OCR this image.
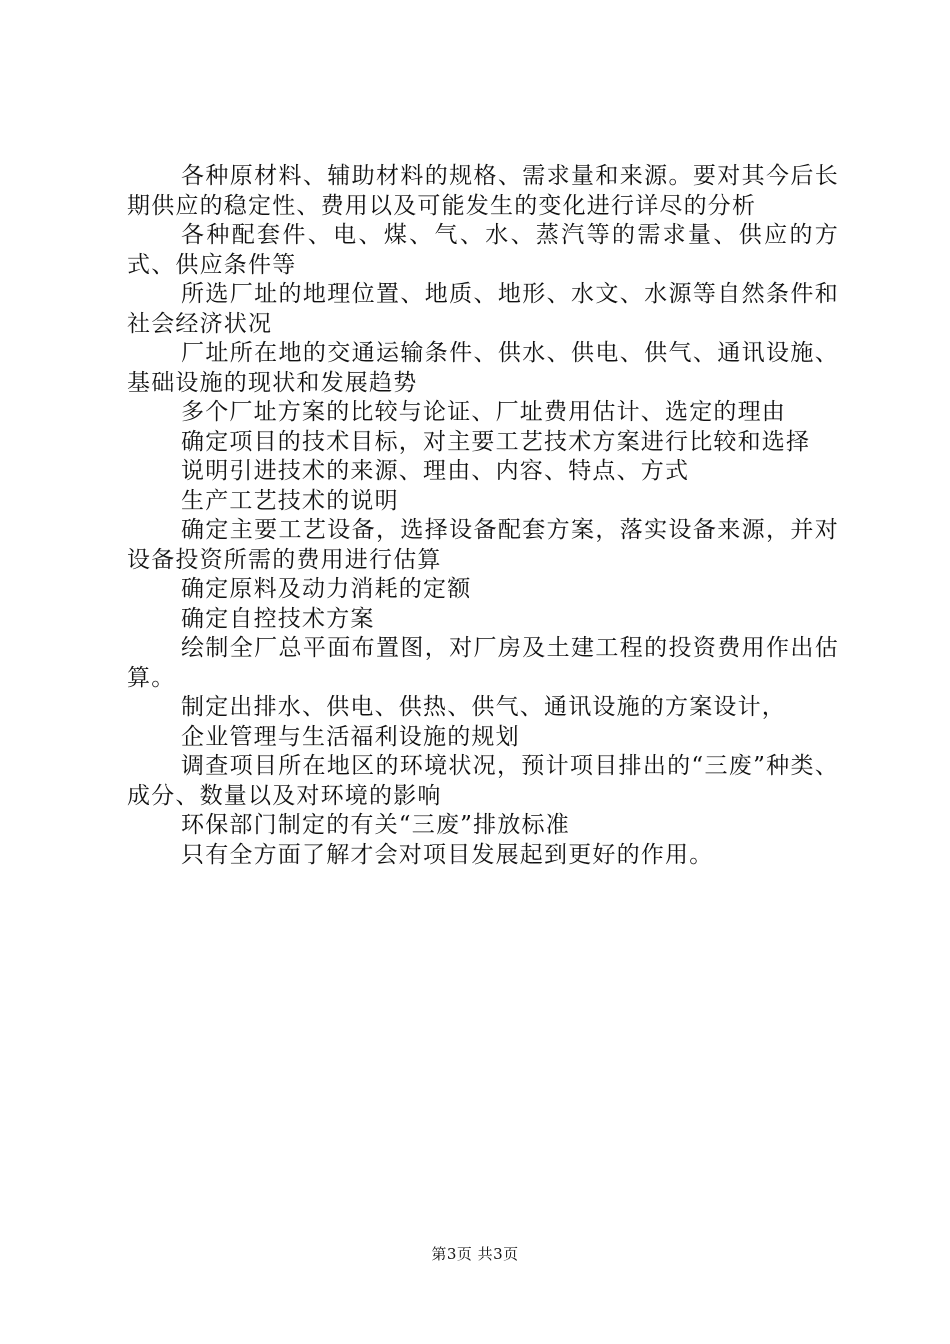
各种原材料、辅助材料的规格、需求量和来源。要对其今后长期供应的稳定性、费用以及可能发生的变化进行详尽的分析

各种配套件、电、煤、气、水、蒸汽等的需求量、供应的方式、供应条件等

所选厂址的地理位置、地质、地形、水文、水源等自然条件和社会经济状况

厂址所在地的交通运输条件、供水、供电、供气、通讯设施、基础设施的现状和发展趋势

多个厂址方案的比较与论证、厂址费用估计、选定的理由

确定项目的技术目标，对主要工艺技术方案进行比较和选择

说明引进技术的来源、理由、内容、特点、方式

生产工艺技术的说明

确定主要工艺设备，选择设备配套方案，落实设备来源，并对设备投资所需的费用进行估算

确定原料及动力消耗的定额

确定自控技术方案

绘制全厂总平面布置图，对厂房及土建工程的投资费用作出估算。

制定出排水、供电、供热、供气、通讯设施的方案设计，

企业管理与生活福利设施的规划

调查项目所在地区的环境状况，预计项目排出的“三废”种类、成分、数量以及对环境的影响

环保部门制定的有关“三废”排放标准

只有全方面了解才会对项目发展起到更好的作用。

第3页 共3页
